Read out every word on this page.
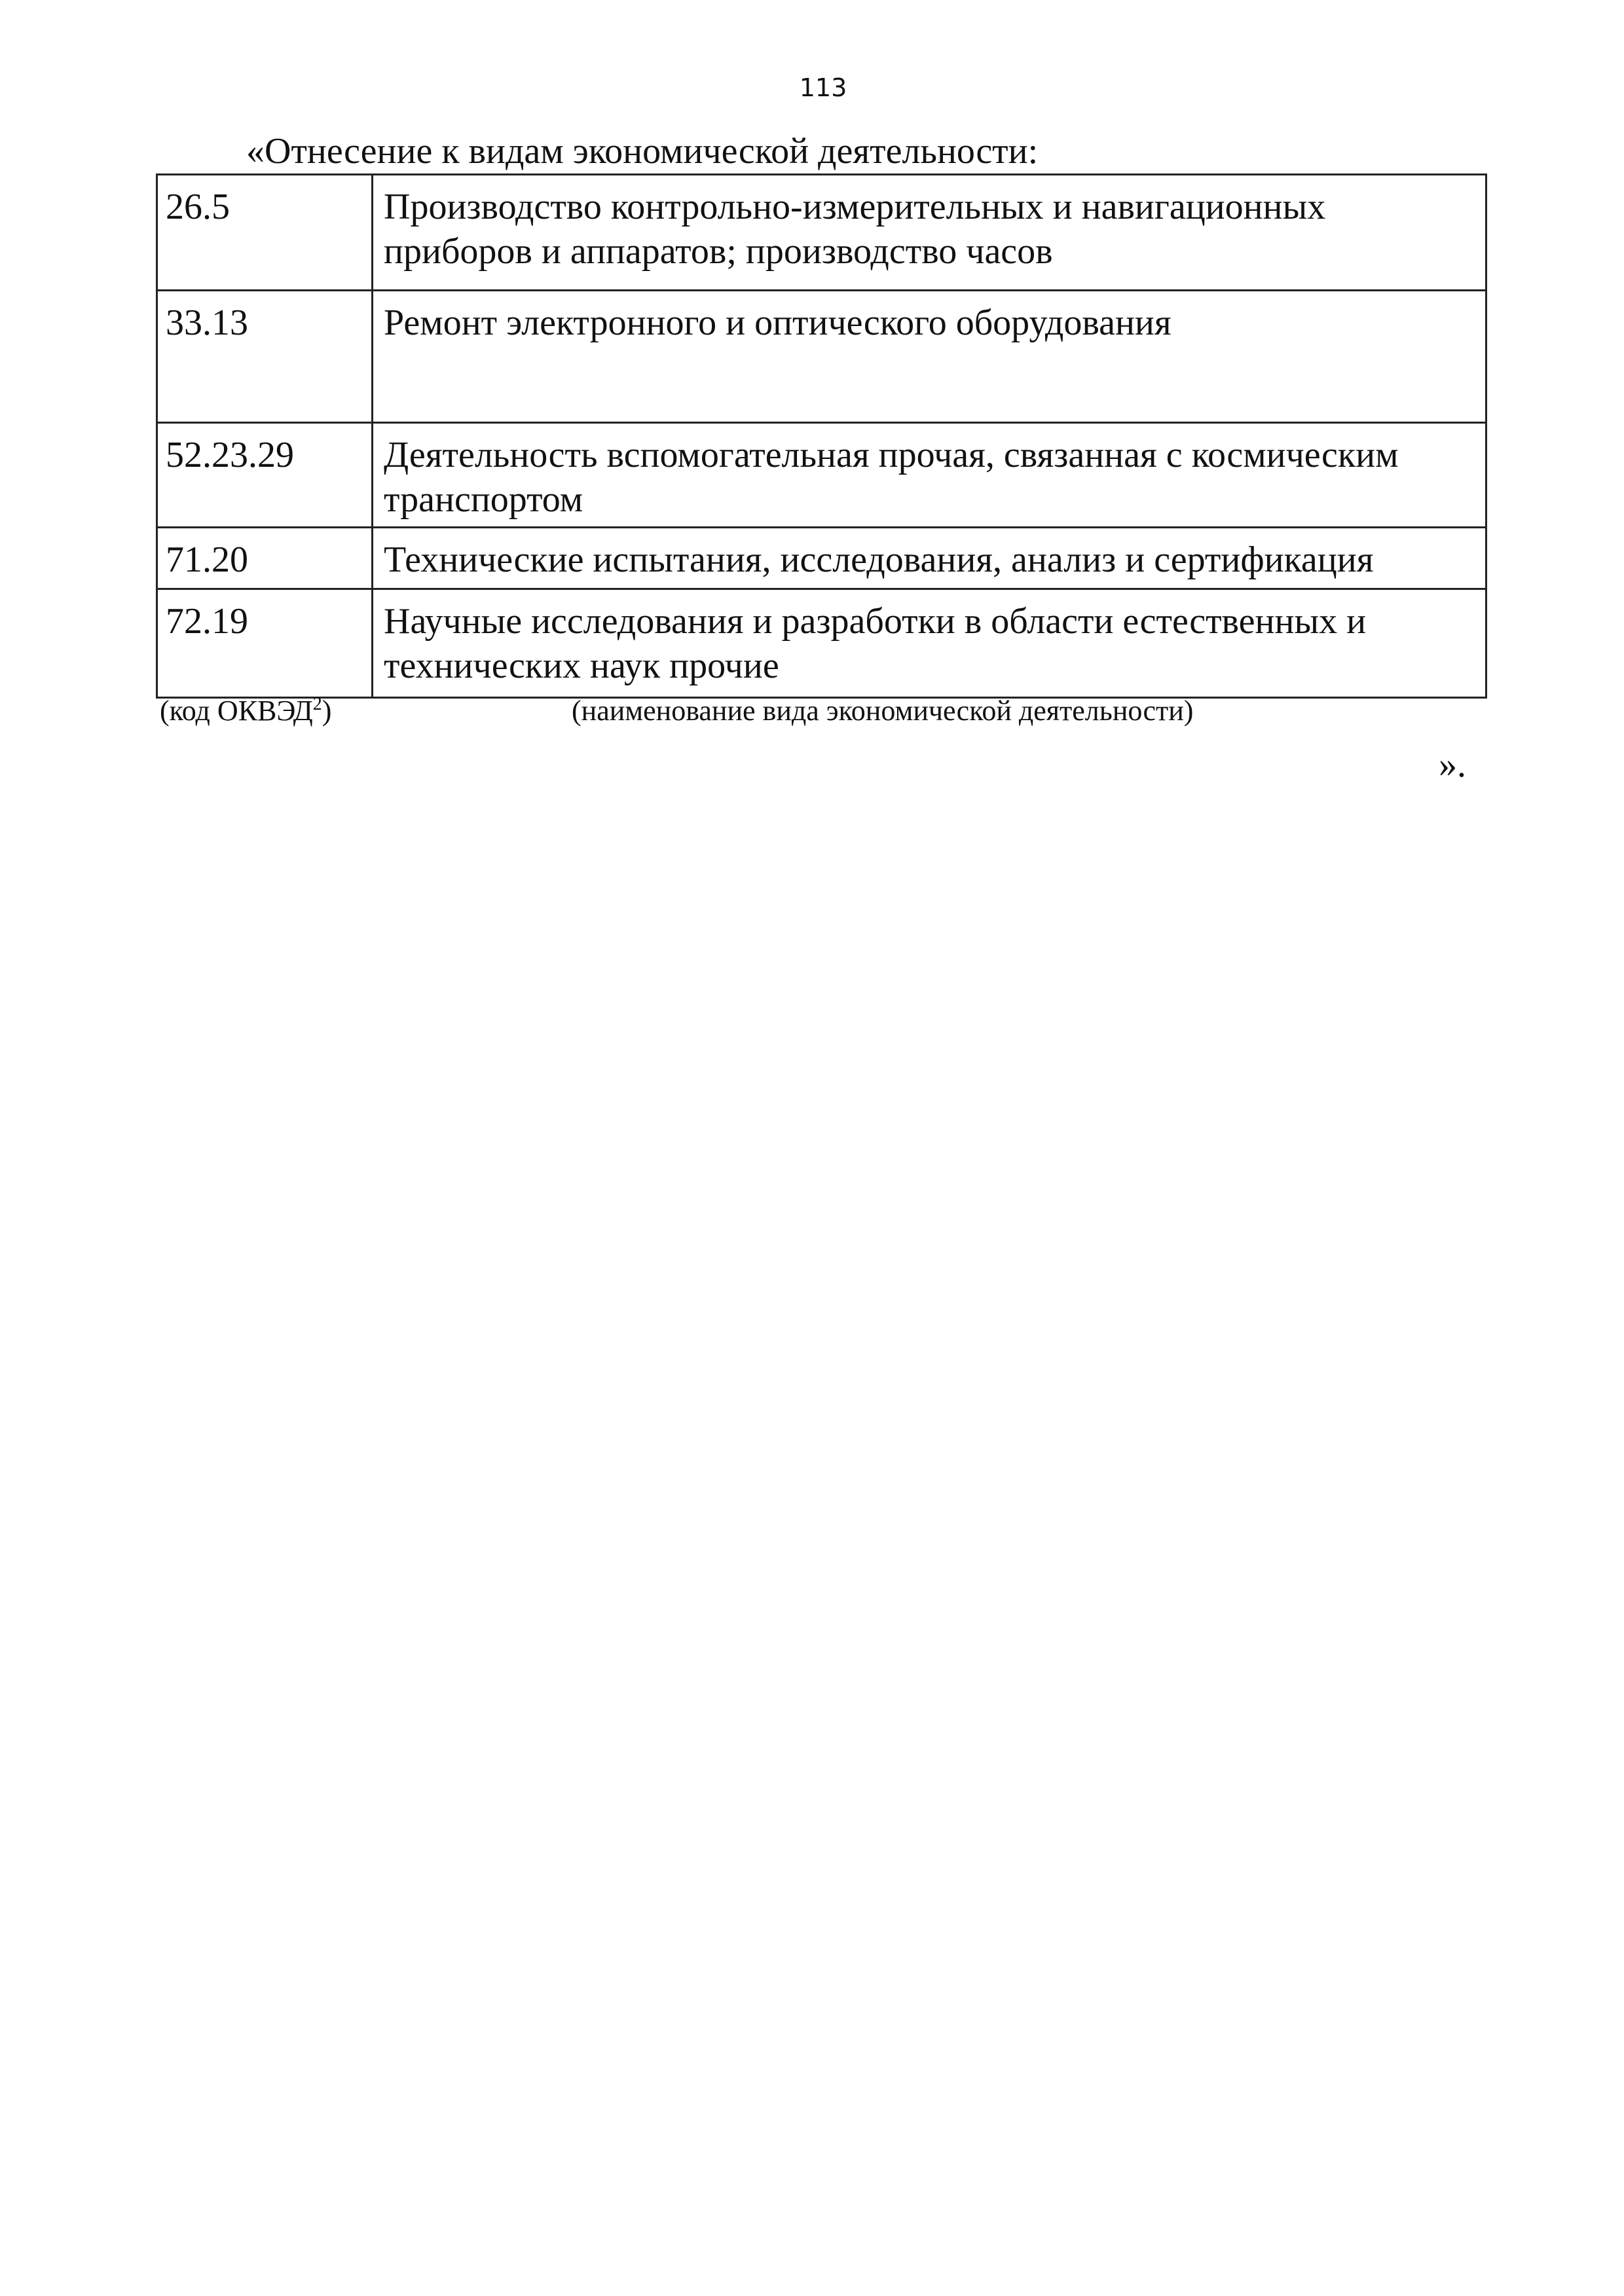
113
«Отнесение к видам экономической деятельности:
26.5	Производство контрольно-измерительных и навигационных приборов и аппаратов; производство часов
33.13	Ремонт электронного и оптического оборудования
52.23.29	Деятельность вспомогательная прочая, связанная с космическим транспортом
71.20	Технические испытания, исследования, анализ и сертификация
72.19	Научные исследования и разработки в области естественных и технических наук прочие
(код ОКВЭД$^2$)	(наименование вида экономической деятельности)
».
